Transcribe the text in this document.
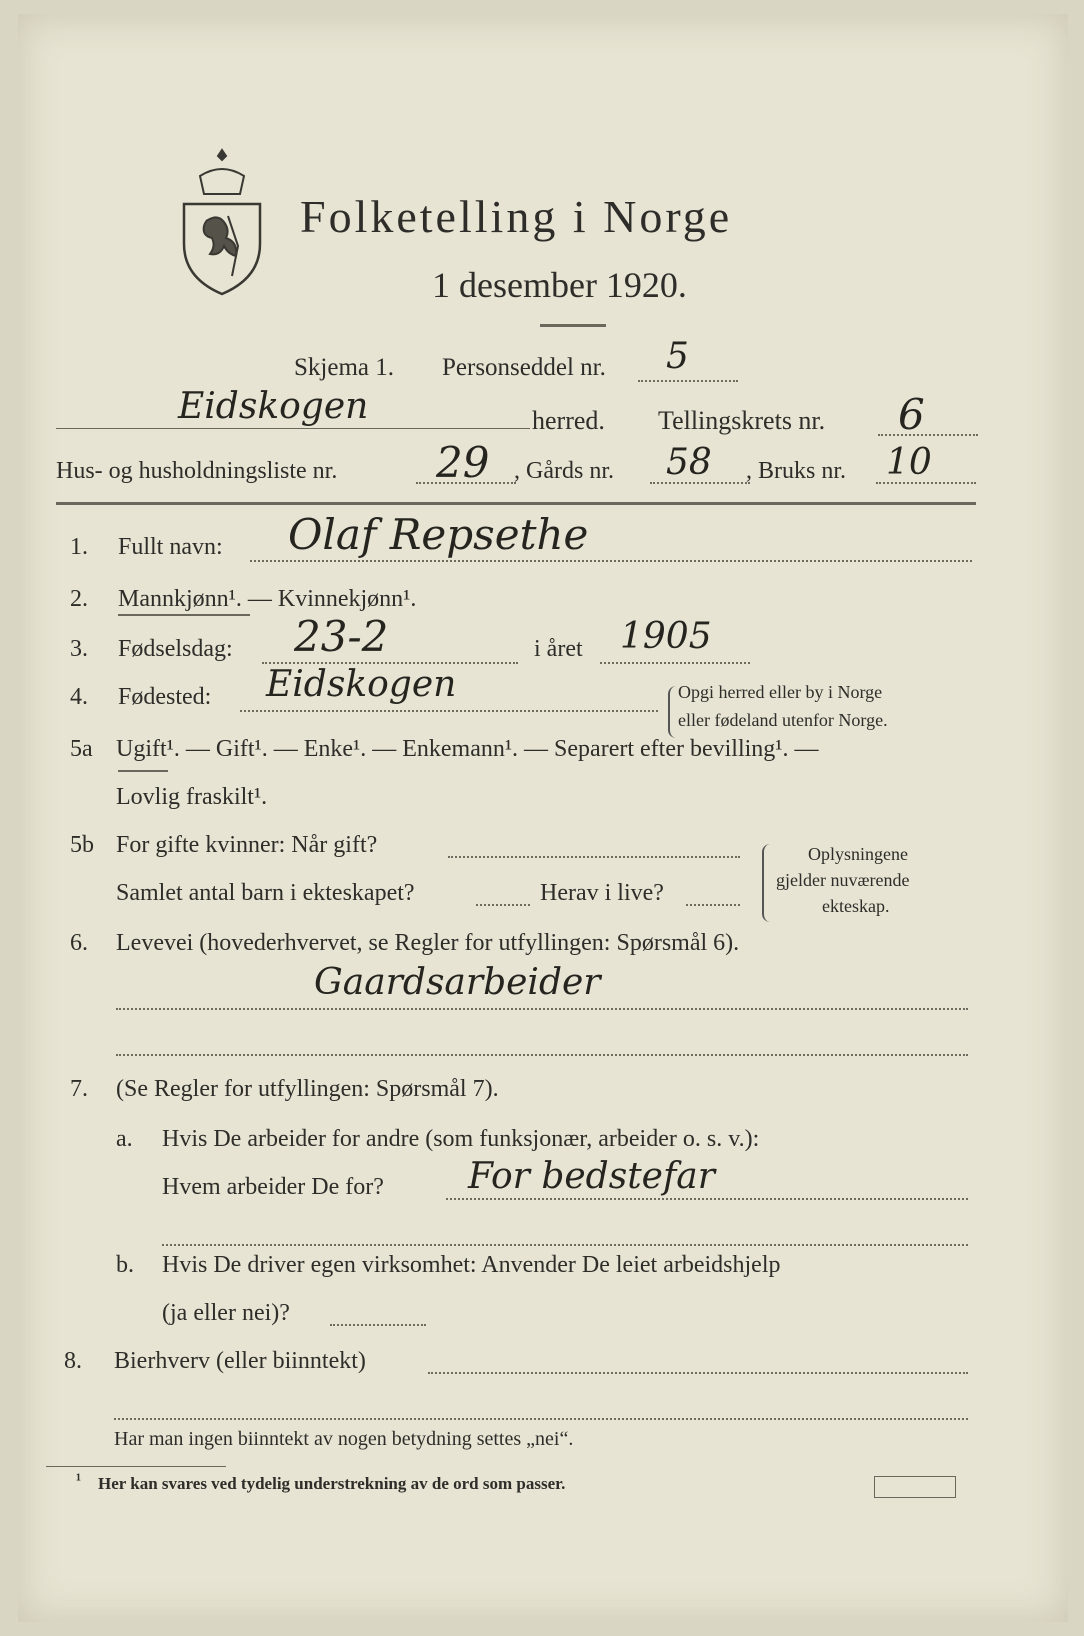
Folketelling i Norge
1 desember 1920.
Skjema 1. Personseddel nr. 5
Eidskogen	herred. Tellingskrets nr. 6
Hus- og husholdningsliste nr. 29 , Gårds nr. 58 , Bruks nr. 10
1. Fullt navn: Olaf Repsethe
2. Mannkjønn¹. — Kvinnekjønn¹.
3. Fødselsdag: 23-2	i året 1905
4. Fødested: Eidskogen	Opgi herred eller by i Norge
eller fødeland utenfor Norge.
5a Ugift¹. — Gift¹. — Enke¹. — Enkemann¹. — Separert efter bevilling¹. —
Lovlig fraskilt¹.
5b For gifte kvinner: Når gift?
Samlet antal barn i ekteskapet?	Herav i live?
Oplysningene
gjelder nuværende
ekteskap.
6. Levevei (hovederhvervet, se Regler for utfyllingen: Spørsmål 6).
Gaardsarbeider
7. (Se Regler for utfyllingen: Spørsmål 7).
a. Hvis De arbeider for andre (som funksjonær, arbeider o. s. v.):
Hvem arbeider De for? For bedstefar
b. Hvis De driver egen virksomhet: Anvender De leiet arbeidshjelp
(ja eller nei)?
8. Bierhverv (eller biinntekt)
Har man ingen biinntekt av nogen betydning settes „nei“.
¹ Her kan svares ved tydelig understrekning av de ord som passer.
